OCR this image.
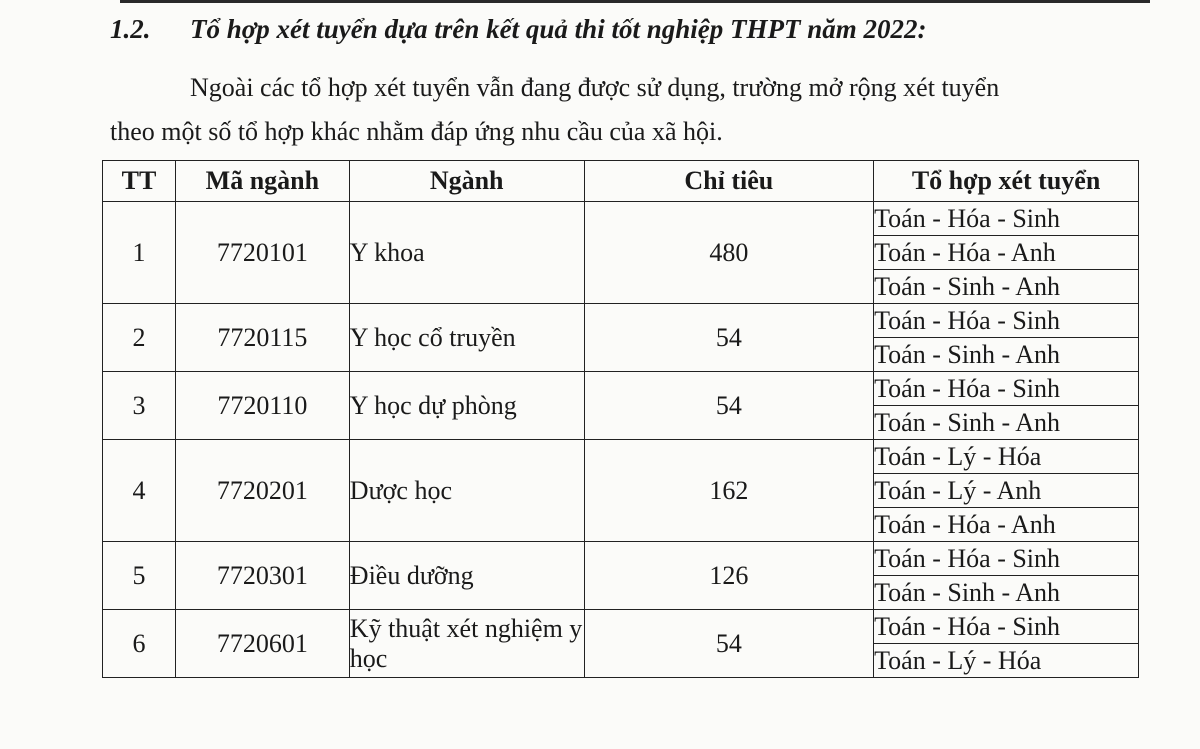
1.2. Tổ hợp xét tuyển dựa trên kết quả thi tốt nghiệp THPT năm 2022:
Ngoài các tổ hợp xét tuyển vẫn đang được sử dụng, trường mở rộng xét tuyển
theo một số tổ hợp khác nhằm đáp ứng nhu cầu của xã hội.
TT	Mã ngành	Ngành	Chỉ tiêu	Tổ hợp xét tuyển
1	7720101	Y khoa	480	Toán - Hóa - Sinh
				Toán - Hóa - Anh
				Toán - Sinh - Anh
2	7720115	Y học cổ truyền	54	Toán - Hóa - Sinh
				Toán - Sinh - Anh
3	7720110	Y học dự phòng	54	Toán - Hóa - Sinh
				Toán - Sinh - Anh
4	7720201	Dược học	162	Toán - Lý - Hóa
				Toán - Lý - Anh
				Toán - Hóa - Anh
5	7720301	Điều dưỡng	126	Toán - Hóa - Sinh
				Toán - Sinh - Anh
6	7720601	Kỹ thuật xét nghiệm y học	54	Toán - Hóa - Sinh
				Toán - Lý - Hóa
